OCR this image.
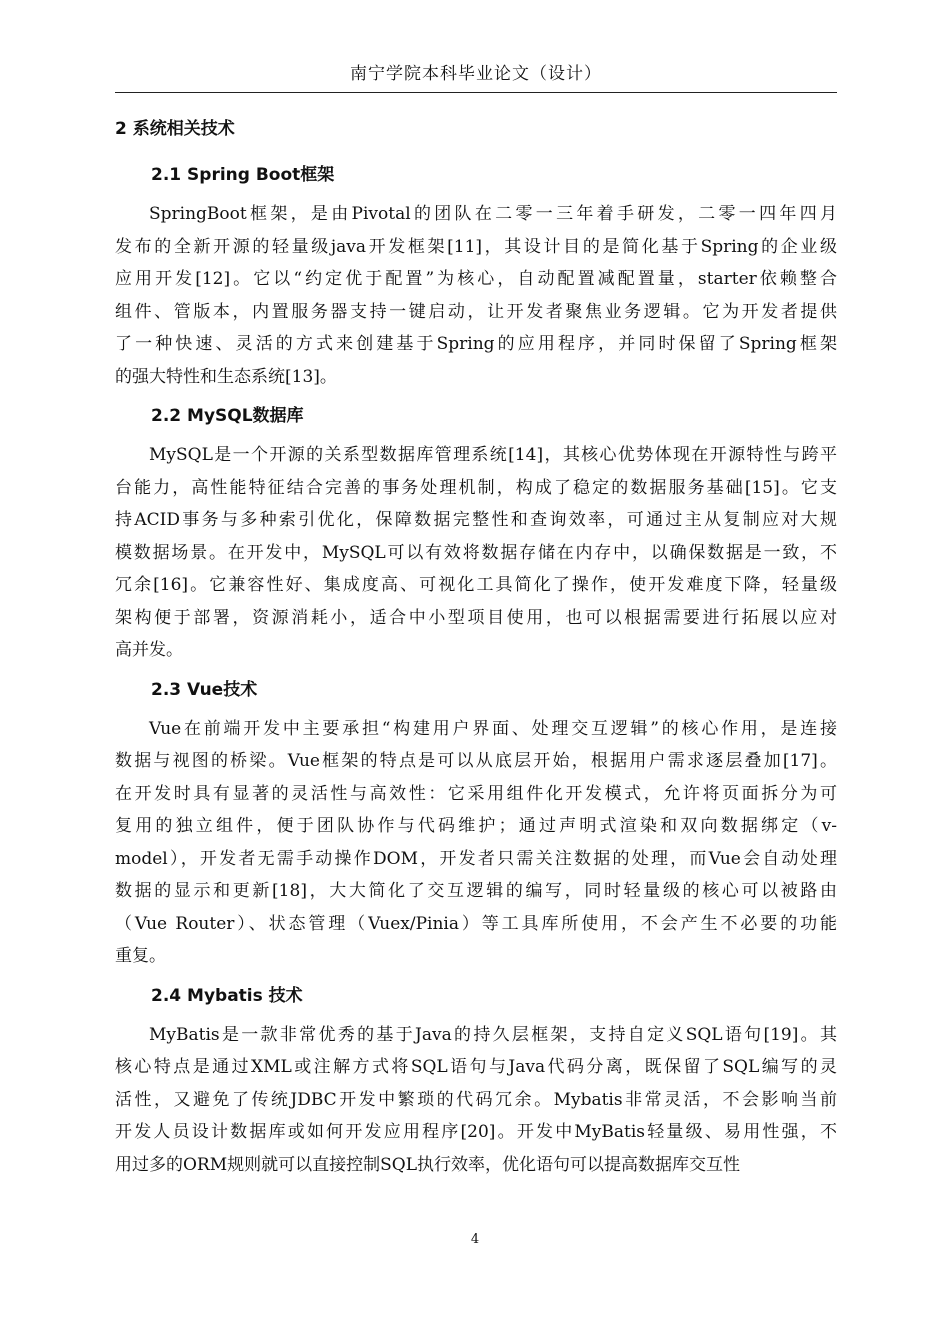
南宁学院本科毕业论文（设计）
2 系统相关技术
2.1 Spring Boot框架
SpringBoot框架，是由Pivotal的团队在二零一三年着手研发，二零一四年四月
发布的全新开源的轻量级java开发框架[11]，其设计目的是简化基于Spring的企业级
应用开发[12]。它以“约定优于配置”为核心，自动配置减配置量，starter依赖整合
组件、管版本，内置服务器支持一键启动，让开发者聚焦业务逻辑。它为开发者提供
了一种快速、灵活的方式来创建基于Spring的应用程序，并同时保留了Spring框架
的强大特性和生态系统[13]。
2.2 MySQL数据库
MySQL是一个开源的关系型数据库管理系统[14]，其核心优势体现在开源特性与跨平
台能力，高性能特征结合完善的事务处理机制，构成了稳定的数据服务基础[15]。它支
持ACID事务与多种索引优化，保障数据完整性和查询效率，可通过主从复制应对大规
模数据场景。在开发中，MySQL可以有效将数据存储在内存中，以确保数据是一致，不
冗余[16]。它兼容性好、集成度高、可视化工具简化了操作，使开发难度下降，轻量级
架构便于部署，资源消耗小，适合中小型项目使用，也可以根据需要进行拓展以应对
高并发。
2.3 Vue技术
Vue在前端开发中主要承担“构建用户界面、处理交互逻辑”的核心作用，是连接
数据与视图的桥梁。Vue框架的特点是可以从底层开始，根据用户需求逐层叠加[17]。
在开发时具有显著的灵活性与高效性：它采用组件化开发模式，允许将页面拆分为可
复用的独立组件，便于团队协作与代码维护；通过声明式渲染和双向数据绑定（v-
model），开发者无需手动操作DOM，开发者只需关注数据的处理，而Vue会自动处理
数据的显示和更新[18]，大大简化了交互逻辑的编写，同时轻量级的核心可以被路由
（Vue Router）、状态管理（Vuex/Pinia）等工具库所使用，不会产生不必要的功能
重复。
2.4 Mybatis 技术
MyBatis是一款非常优秀的基于Java的持久层框架，支持自定义SQL语句[19]。其
核心特点是通过XML或注解方式将SQL语句与Java代码分离，既保留了SQL编写的灵
活性，又避免了传统JDBC开发中繁琐的代码冗余。Mybatis非常灵活，不会影响当前
开发人员设计数据库或如何开发应用程序[20]。开发中MyBatis轻量级、易用性强，不
用过多的ORM规则就可以直接控制SQL执行效率，优化语句可以提高数据库交互性
4
